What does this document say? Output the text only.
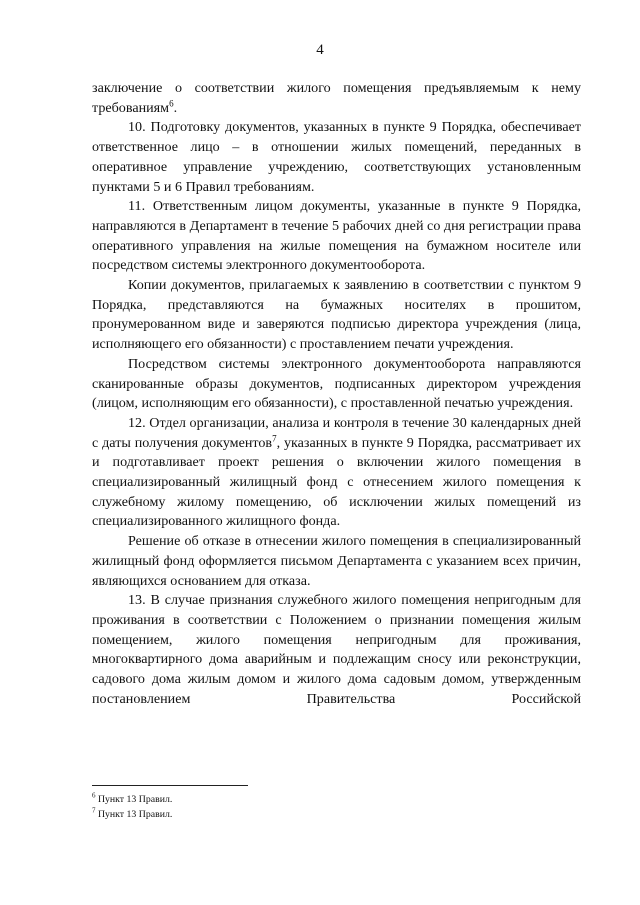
4

заключение о соответствии жилого помещения предъявляемым к нему требованиям$^6$.

10. Подготовку документов, указанных в пункте 9 Порядка, обеспечивает ответственное лицо – в отношении жилых помещений, переданных в оперативное управление учреждению, соответствующих установленным пунктами 5 и 6 Правил требованиям.

11. Ответственным лицом документы, указанные в пункте 9 Порядка, направляются в Департамент в течение 5 рабочих дней со дня регистрации права оперативного управления на жилые помещения на бумажном носителе или посредством системы электронного документооборота.

Копии документов, прилагаемых к заявлению в соответствии с пунктом 9 Порядка, представляются на бумажных носителях в прошитом, пронумерованном виде и заверяются подписью директора учреждения (лица, исполняющего его обязанности) с проставлением печати учреждения.

Посредством системы электронного документооборота направляются сканированные образы документов, подписанных директором учреждения (лицом, исполняющим его обязанности), с проставленной печатью учреждения.

12. Отдел организации, анализа и контроля в течение 30 календарных дней с даты получения документов$^7$, указанных в пункте 9 Порядка, рассматривает их и подготавливает проект решения о включении жилого помещения в специализированный жилищный фонд с отнесением жилого помещения к служебному жилому помещению, об исключении жилых помещений из специализированного жилищного фонда.

Решение об отказе в отнесении жилого помещения в специализированный жилищный фонд оформляется письмом Департамента с указанием всех причин, являющихся основанием для отказа.

13. В случае признания служебного жилого помещения непригодным для проживания в соответствии с Положением о признании помещения жилым помещением, жилого помещения непригодным для проживания, многоквартирного дома аварийным и подлежащим сносу или реконструкции, садового дома жилым домом и жилого дома садовым домом, утвержденным постановлением Правительства Российской

$^6$ Пункт 13 Правил.

$^7$ Пункт 13 Правил.
